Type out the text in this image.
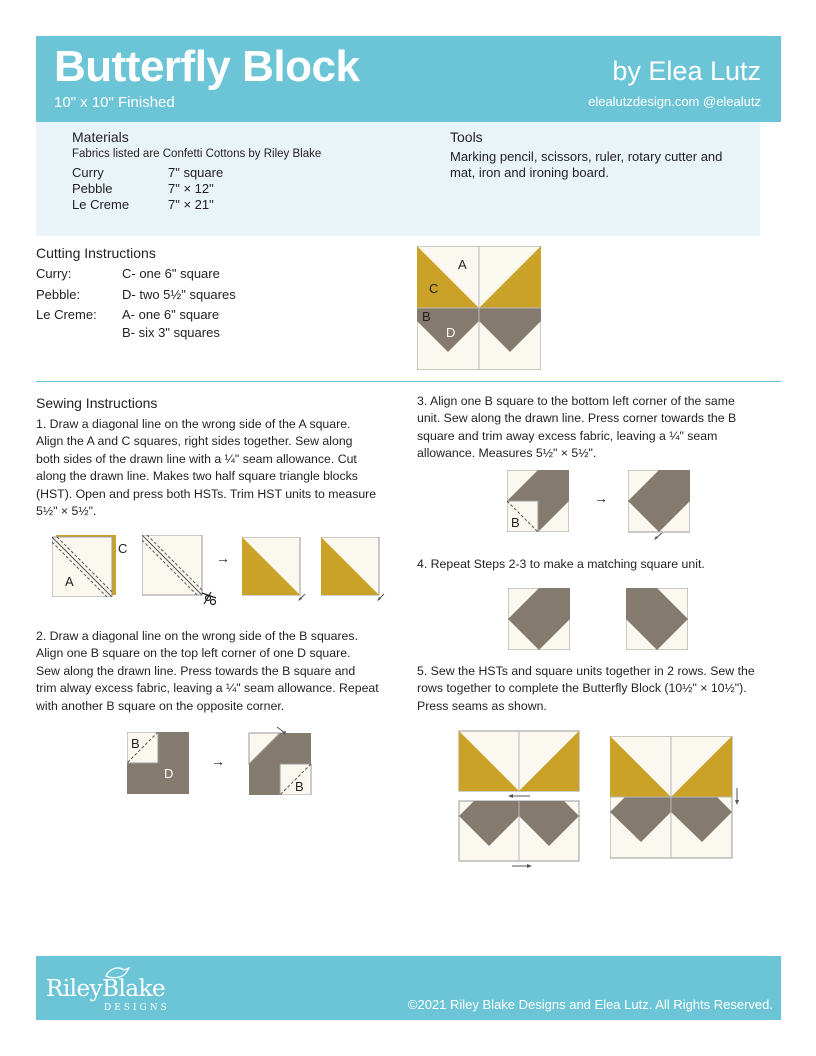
Butterfly Block
10" x 10" Finished
by Elea Lutz
elealutzdesign.com @elealutz
Materials
Fabrics listed are Confetti Cottons by Riley Blake
Curry	7" square
Pebble	7" × 12"
Le Creme	7" × 21"
Tools
Marking pencil, scissors, ruler, rotary cutter and
mat, iron and ironing board.
Cutting Instructions
Curry:	C- one 6" square
Pebble:	D- two 5½" squares
Le Creme: A- one 6" square
B- six 3" squares
A
C
B
D
Sewing Instructions
1. Draw a diagonal line on the wrong side of the A square.
Align the A and C squares, right sides together. Sew along
both sides of the drawn line with a ¼" seam allowance. Cut
along the drawn line. Makes two half square triangle blocks
(HST). Open and press both HSTs. Trim HST units to measure
5½" × 5½".
C
A
→
2. Draw a diagonal line on the wrong side of the B squares.
Align one B square on the top left corner of one D square.
Sew along the drawn line. Press towards the B square and
trim alway excess fabric, leaving a ¼" seam allowance. Repeat
with another B square on the opposite corner.
B
D
→
B
3. Align one B square to the bottom left corner of the same
unit. Sew along the drawn line. Press corner towards the B
square and trim away excess fabric, leaving a ¼" seam
allowance. Measures 5½" × 5½".
B
→
4. Repeat Steps 2-3 to make a matching square unit.
5. Sew the HSTs and square units together in 2 rows. Sew the
rows together to complete the Butterfly Block (10½" × 10½").
Press seams as shown.
RileyBlake
DESIGNS	©2021 Riley Blake Designs and Elea Lutz. All Rights Reserved.
